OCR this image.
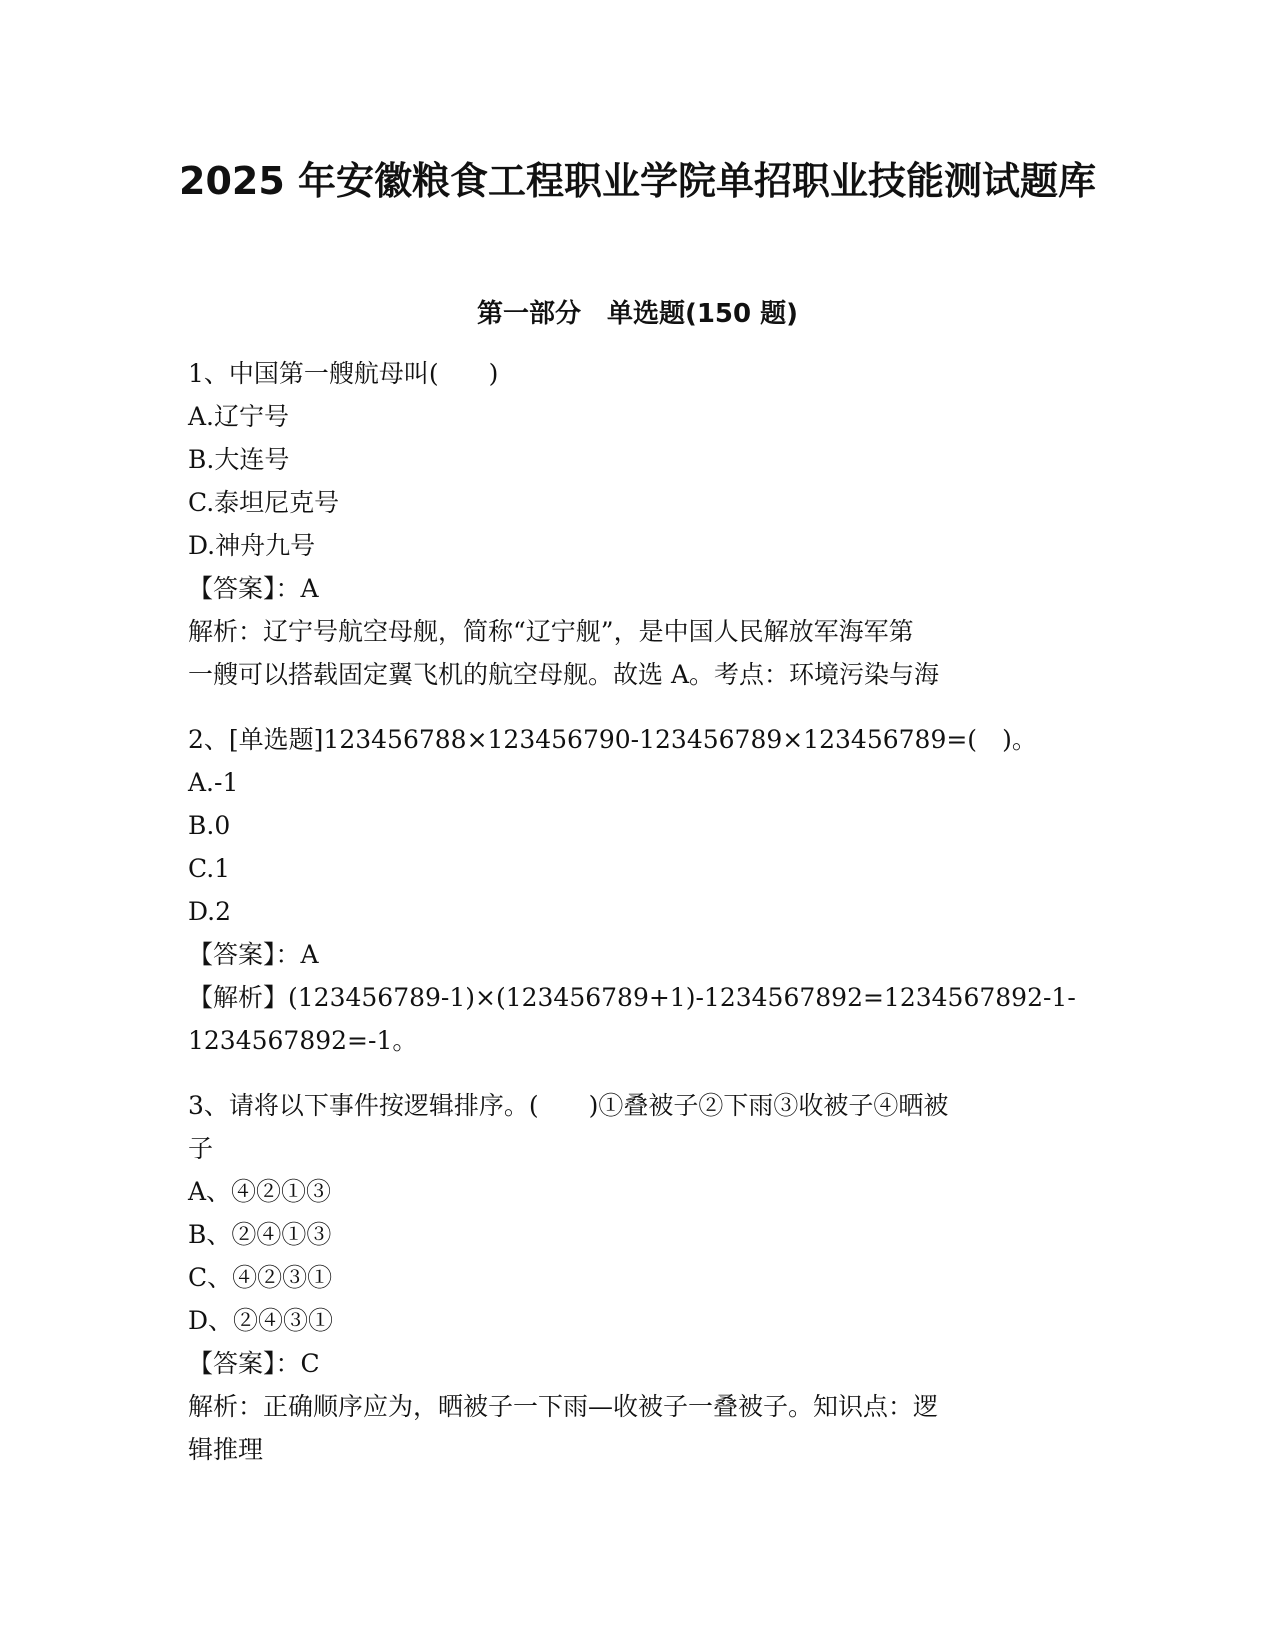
2025 年安徽粮食工程职业学院单招职业技能测试题库
第一部分　单选题(150 题)
1、中国第一艘航母叫(　　)
A.辽宁号
B.大连号
C.泰坦尼克号
D.神舟九号
【答案】：A
解析：辽宁号航空母舰，简称“辽宁舰”，是中国人民解放军海军第
一艘可以搭载固定翼飞机的航空母舰。故选 A。考点：环境污染与海
2、[单选题]123456788×123456790-123456789×123456789=(　)。
A.-1
B.0
C.1
D.2
【答案】：A
【解析】(123456789-1)×(123456789+1)-1234567892=1234567892-1-
1234567892=-1。
3、请将以下事件按逻辑排序。(　　)①叠被子②下雨③收被子④晒被
子
A、④②①③
B、②④①③
C、④②③①
D、②④③①
【答案】：C
解析：正确顺序应为，晒被子一下雨—收被子一叠被子。知识点：逻
辑推理
